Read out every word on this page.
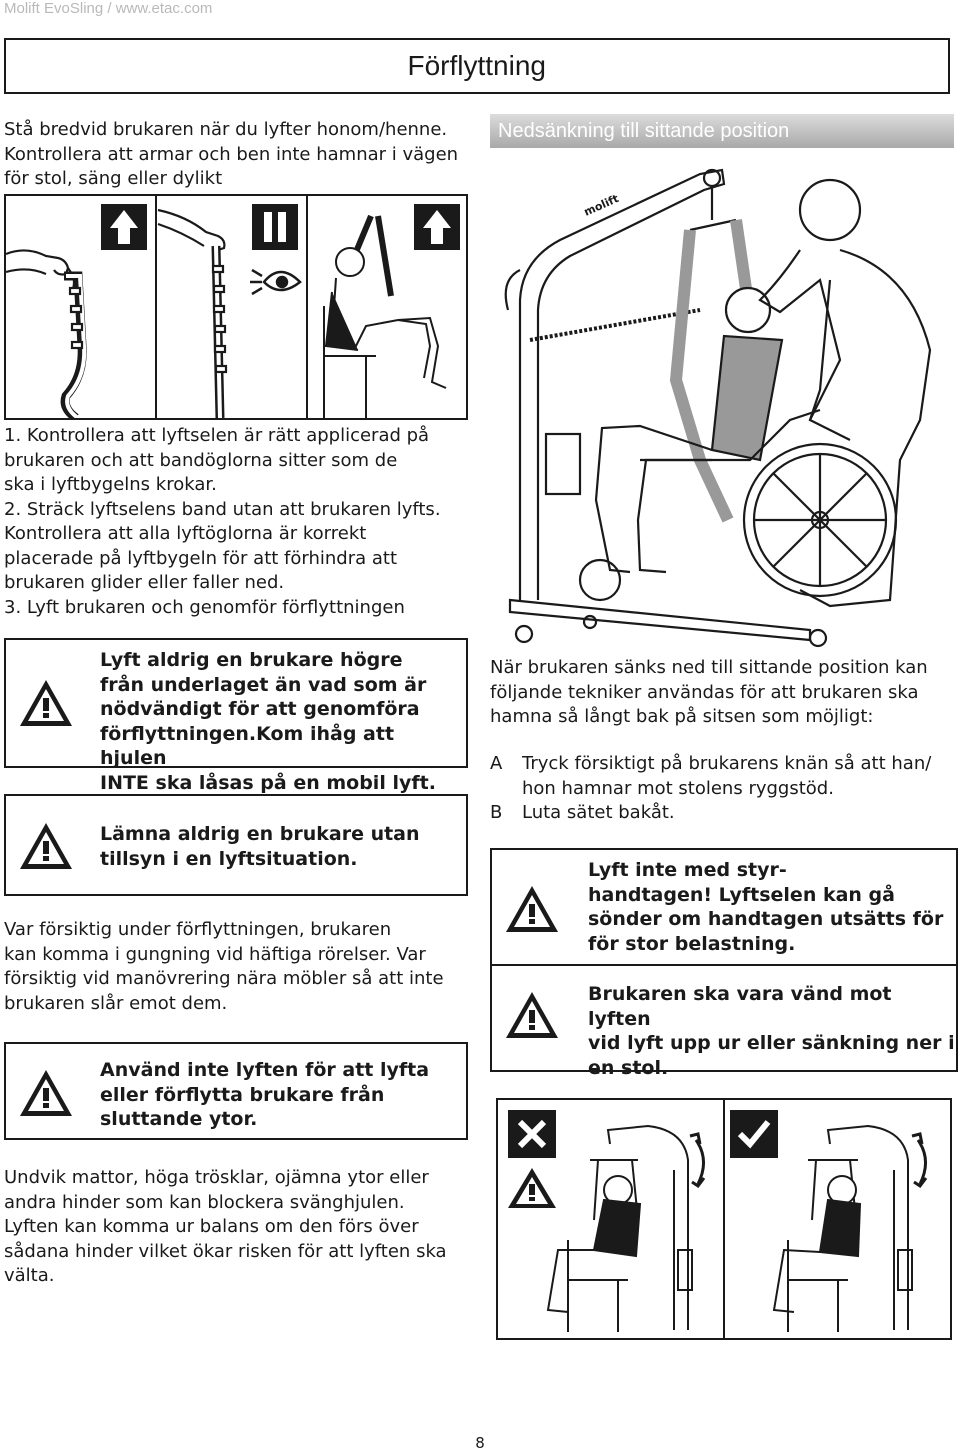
Molift EvoSling / www.etac.com
Förflyttning
Stå bredvid brukaren när du lyfter honom/henne.
Kontrollera att armar och ben inte hamnar i vägen
för stol, säng eller dylikt
Nedsänkning till sittande position
1. Kontrollera att lyftselen är rätt applicerad på
brukaren och att bandöglorna sitter som de
ska i lyftbygelns krokar.
2. Sträck lyftselens band utan att brukaren lyfts.
Kontrollera att alla lyftöglorna är korrekt
placerade på lyftbygeln för att förhindra att
brukaren glider eller faller ned.
3. Lyft brukaren och genomför förflyttningen
Lyft aldrig en brukare högre
från underlaget än vad som är
nödvändigt för att genomföra
förflyttningen.Kom ihåg att hjulen
INTE ska låsas på en mobil lyft.
Lämna aldrig en brukare utan
tillsyn i en lyftsituation.
Var försiktig under förflyttningen, brukaren
kan komma i gungning vid häftiga rörelser. Var
försiktig vid manövrering nära möbler så att inte
brukaren slår emot dem.
Använd inte lyften för att lyfta
eller förflytta brukare från
sluttande ytor.
Undvik mattor, höga trösklar, ojämna ytor eller
andra hinder som kan blockera svänghjulen.
Lyften kan komma ur balans om den förs över
sådana hinder vilket ökar risken för att lyften ska
välta.
molift
När brukaren sänks ned till sittande position kan
följande tekniker användas för att brukaren ska
hamna så långt bak på sitsen som möjligt:
A	Tryck försiktigt på brukarens knän så att han/
hon hamnar mot stolens ryggstöd.
B	Luta sätet bakåt.
Lyft inte med styr-
handtagen! Lyftselen kan gå
sönder om handtagen utsätts för
för stor belastning.
Brukaren ska vara vänd mot lyften
vid lyft upp ur eller sänkning ner i
en stol.
8
